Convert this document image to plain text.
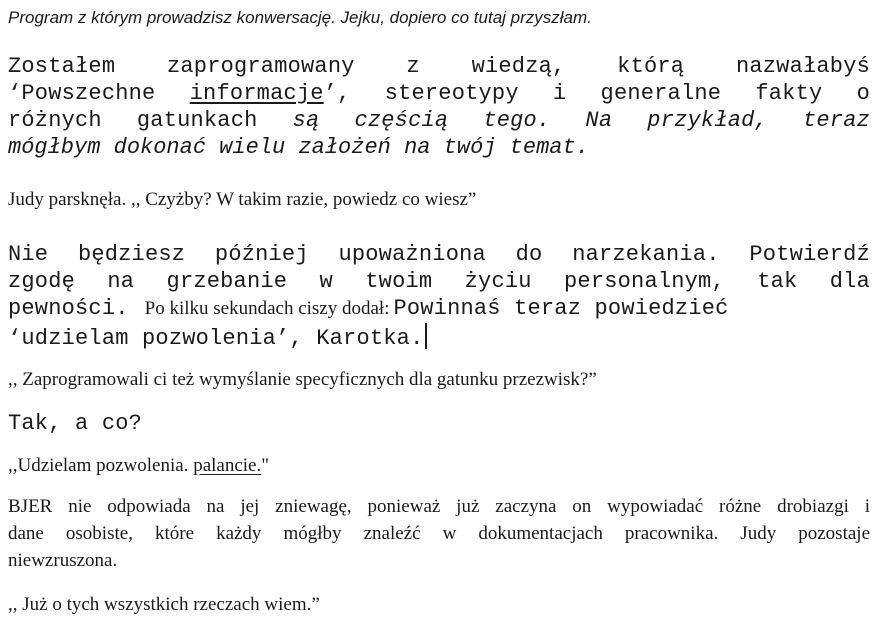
Program z którym prowadzisz konwersację. Jejku, dopiero co tutaj przyszłam.
Zostałem zaprogramowany z wiedzą, którą nazwałabyś
‘Powszechne informacje’, stereotypy i generalne fakty o
różnych gatunkach są częścią tego. Na przykład, teraz
mógłbym dokonać wielu założeń na twój temat.
Judy parsknęła. ,, Czyżby? W takim razie, powiedz co wiesz”
Nie będziesz później upoważniona do narzekania. Potwierdź
zgodę na grzebanie w twoim życiu personalnym, tak dla
pewności. Po kilku sekundach ciszy dodał: Powinnaś teraz powiedzieć
‘udzielam pozwolenia’, Karotka.
,, Zaprogramowali ci też wymyślanie specyficznych dla gatunku przezwisk?”
Tak, a co?
,,Udzielam pozwolenia. palancie."
BJER nie odpowiada na jej zniewagę, ponieważ już zaczyna on wypowiadać różne drobiazgi i
dane osobiste, które każdy mógłby znaleźć w dokumentacjach pracownika. Judy pozostaje
niewzruszona.
,, Już o tych wszystkich rzeczach wiem.”
